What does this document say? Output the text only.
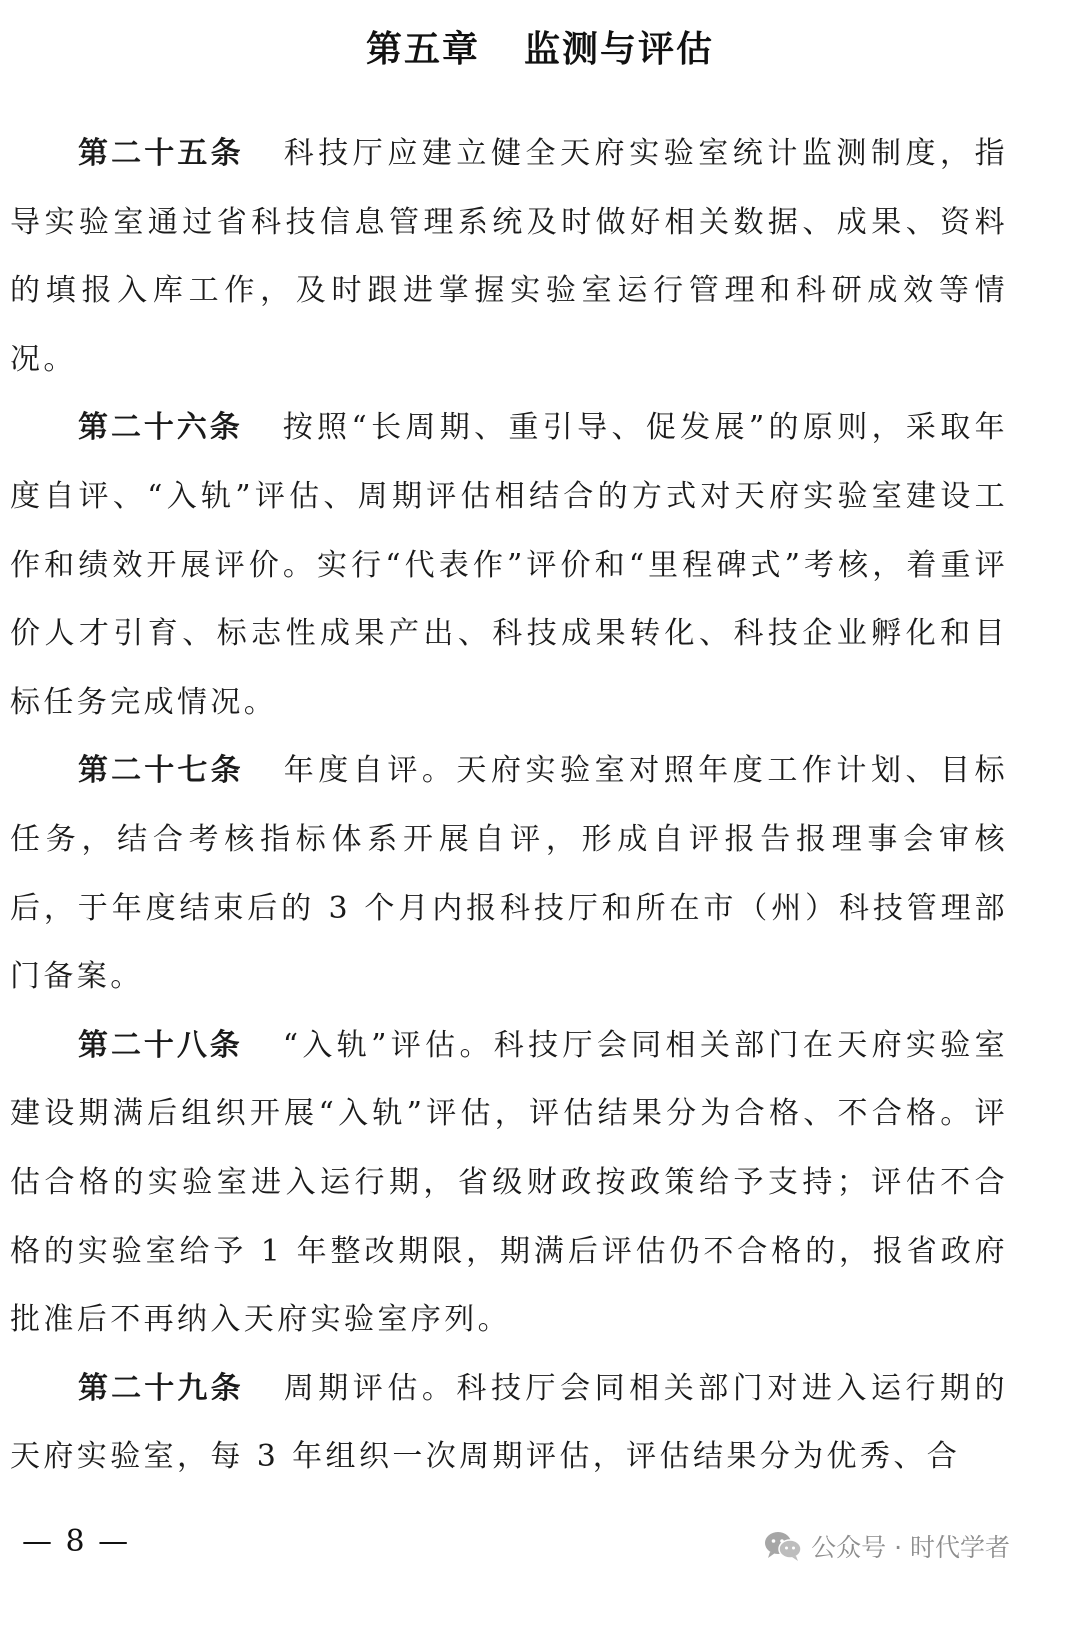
第五章 监测与评估

第二十五条 科技厅应建立健全天府实验室统计监测制度，指导实验室通过省科技信息管理系统及时做好相关数据、成果、资料的填报入库工作，及时跟进掌握实验室运行管理和科研成效等情况。

第二十六条 按照“长周期、重引导、促发展”的原则，采取年度自评、“入轨”评估、周期评估相结合的方式对天府实验室建设工作和绩效开展评价。实行“代表作”评价和“里程碑式”考核，着重评价人才引育、标志性成果产出、科技成果转化、科技企业孵化和目标任务完成情况。

第二十七条 年度自评。天府实验室对照年度工作计划、目标任务，结合考核指标体系开展自评，形成自评报告报理事会审核后，于年度结束后的 3 个月内报科技厅和所在市（州）科技管理部门备案。

第二十八条 “入轨”评估。科技厅会同相关部门在天府实验室建设期满后组织开展“入轨”评估，评估结果分为合格、不合格。评估合格的实验室进入运行期，省级财政按政策给予支持；评估不合格的实验室给予 1 年整改期限，期满后评估仍不合格的，报省政府批准后不再纳入天府实验室序列。

第二十九条 周期评估。科技厅会同相关部门对进入运行期的天府实验室，每 3 年组织一次周期评估，评估结果分为优秀、合

— 8 —	公众号 · 时代学者
